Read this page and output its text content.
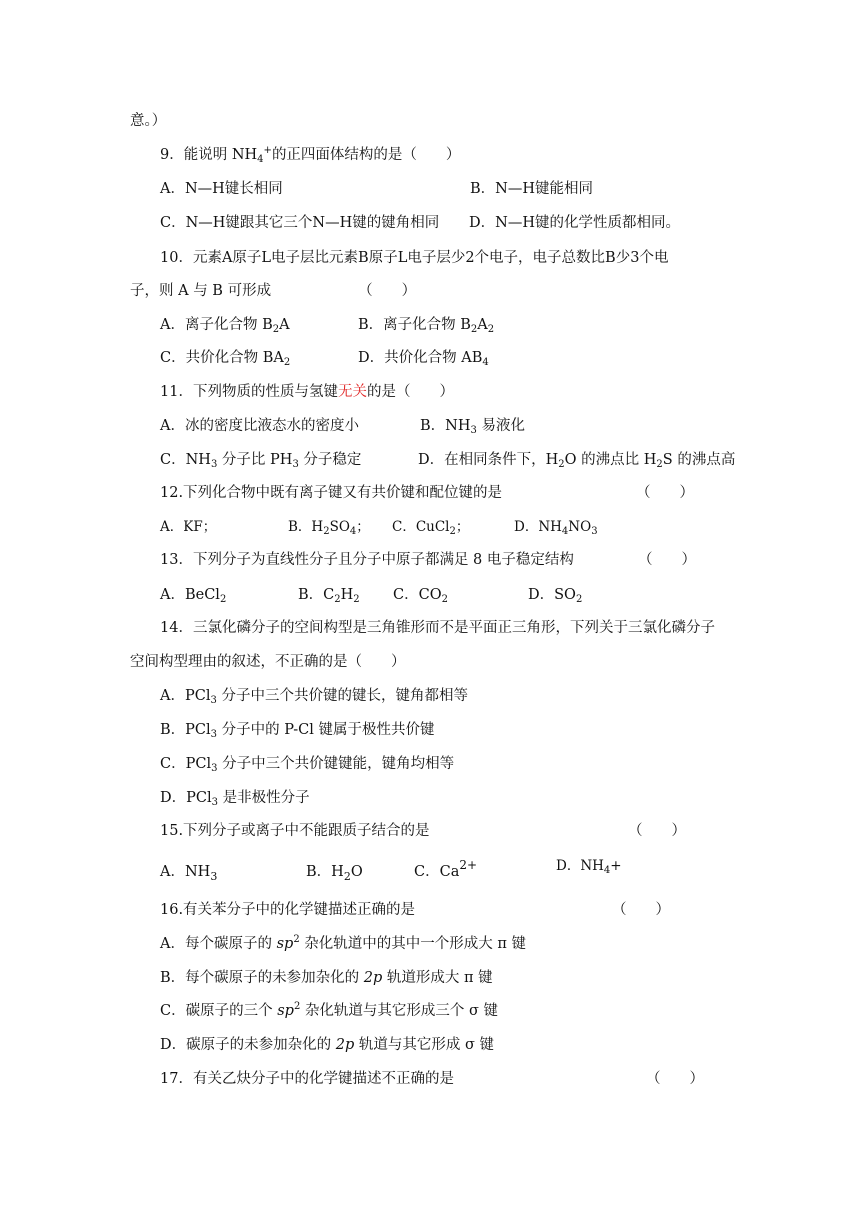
意。）
9．能说明 $NH_4^+$的正四面体结构的是（  ）
A．N—H键长相同	B．N—H键能相同
C．N—H键跟其它三个N—H键的键角相同 D．N—H键的化学性质都相同。
10．元素A原子L电子层比元素B原子L电子层少2个电子，电子总数比B少3个电
子，则 A 与 B 可形成      （  ）
A．离子化合物 $B_2A$	B．离子化合物 $B_2A_2$
C．共价化合物 $BA_2$	D．共价化合物 $AB_4$
11．下列物质的性质与氢键无关的是（  ）
A．冰的密度比液态水的密度小	B．$NH_3$ 易液化
C．$NH_3$ 分子比 $PH_3$ 分子稳定	D．在相同条件下，$H_2O$ 的沸点比 $H_2S$ 的沸点高
12.下列化合物中既有离子键又有共价键和配位键的是	（  ）
A．KF；	B．$H_2SO_4$； C．CuCl$_2$；	D．$NH_4NO_3$
13．下列分子为直线性分子且分子中原子都满足 8 电子稳定结构	（  ）
A．BeCl$_2$	B．$C_2H_2$ C．$CO_2$	D．$SO_2$
14．三氯化磷分子的空间构型是三角锥形而不是平面正三角形，下列关于三氯化磷分子
空间构型理由的叙述，不正确的是（  ）
A．PCl$_3$ 分子中三个共价键的键长，键角都相等
B．PCl$_3$ 分子中的 P-Cl 键属于极性共价键
C．PCl$_3$ 分子中三个共价键键能，键角均相等
D．PCl$_3$ 是非极性分子
15.下列分子或离子中不能跟质子结合的是	（  ）
A．$NH_3$	B．$H_2O$	C．$Ca^{2+}$	D．$NH_4+$
16.有关苯分子中的化学键描述正确的是	（  ）
A．每个碳原子的 $sp^2$ 杂化轨道中的其中一个形成大 π 键
B．每个碳原子的未参加杂化的 2p 轨道形成大 π 键
C．碳原子的三个 $sp^2$ 杂化轨道与其它形成三个 σ 键
D．碳原子的未参加杂化的 2p 轨道与其它形成 σ 键
17．有关乙炔分子中的化学键描述不正确的是	（  ）
